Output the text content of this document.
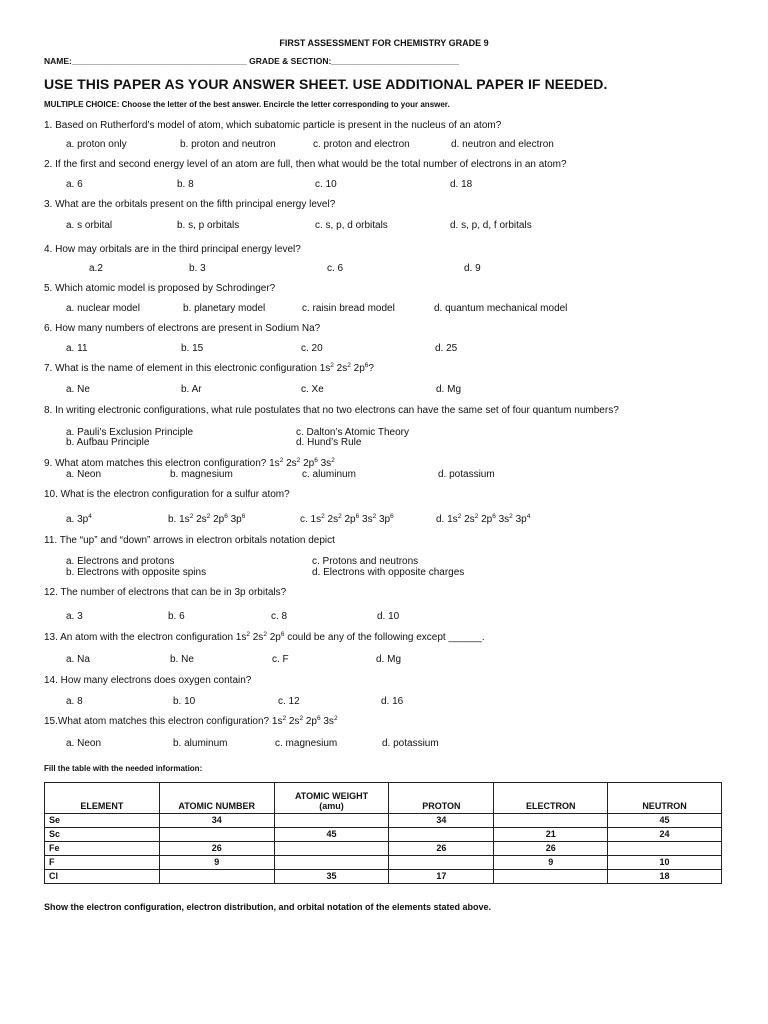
FIRST ASSESSMENT FOR CHEMISTRY GRADE 9
NAME:_____________________________________ GRADE & SECTION:___________________________
USE THIS PAPER AS YOUR ANSWER SHEET. USE ADDITIONAL PAPER IF NEEDED.
MULTIPLE CHOICE: Choose the letter of the best answer. Encircle the letter corresponding to your answer.
1. Based on Rutherford’s model of atom, which subatomic particle is present in the nucleus of an atom?
a. proton only	b. proton and neutron	c. proton and electron	d. neutron and electron
2. If the first and second energy level of an atom are full, then what would be the total number of electrons in an atom?
a. 6	b. 8	c. 10	d. 18
3. What are the orbitals present on the fifth principal energy level?
a. s orbital	b. s, p orbitals	c. s, p, d orbitals	d. s, p, d, f orbitals
4. How may orbitals are in the third principal energy level?
a.2	b. 3	c. 6	d. 9
5. Which atomic model is proposed by Schrodinger?
a. nuclear model	b. planetary model	c. raisin bread model	d. quantum mechanical model
6. How many numbers of electrons are present in Sodium Na?
a. 11	b. 15	c. 20	d. 25
7. What is the name of element in this electronic configuration $1s^2$ $2s^2$ $2p^6$?
a. Ne	b. Ar	c. Xe	d. Mg
8. In writing electronic configurations, what rule postulates that no two electrons can have the same set of four quantum numbers?
a. Pauli’s Exclusion Principle
b. Aufbau Principle
c. Dalton’s Atomic Theory
d. Hund’s Rule
9. What atom matches this electron configuration? $1s^2$ $2s^2$ $2p^6$ $3s^2$
a. Neon	b. magnesium	c. aluminum	d. potassium
10. What is the electron configuration for a sulfur atom?
a. $3p^4$	b. $1s^2$ $2s^2$ $2p^6$ $3p^6$	c. $1s^2$ $2s^2$ $2p^6$ $3s^2$ $3p^6$	d. $1s^2$ $2s^2$ $2p^6$ $3s^2$ $3p^4$
11. The “up” and “down” arrows in electron orbitals notation depict
a. Electrons and protons
b. Electrons with opposite spins
c. Protons and neutrons
d. Electrons with opposite charges
12. The number of electrons that can be in 3p orbitals?
a. 3	b. 6	c. 8	d. 10
13. An atom with the electron configuration $1s^2$ $2s^2$ $2p^6$ could be any of the following except ______.
a. Na	b. Ne	c. F	d. Mg
14. How many electrons does oxygen contain?
a. 8	b. 10	c. 12	d. 16
15.What atom matches this electron configuration? $1s^2$ $2s^2$ $2p^6$ $3s^2$
a. Neon	b. aluminum	c. magnesium	d. potassium
Fill the table with the needed information:
ELEMENT	ATOMIC NUMBER	ATOMIC WEIGHT
(amu)	PROTON	ELECTRON	NEUTRON
Se	34		34		45
Sc		45		21	24
Fe	26		26	26	
F	9			9	10
Cl		35	17		18
Show the electron configuration, electron distribution, and orbital notation of the elements stated above.
